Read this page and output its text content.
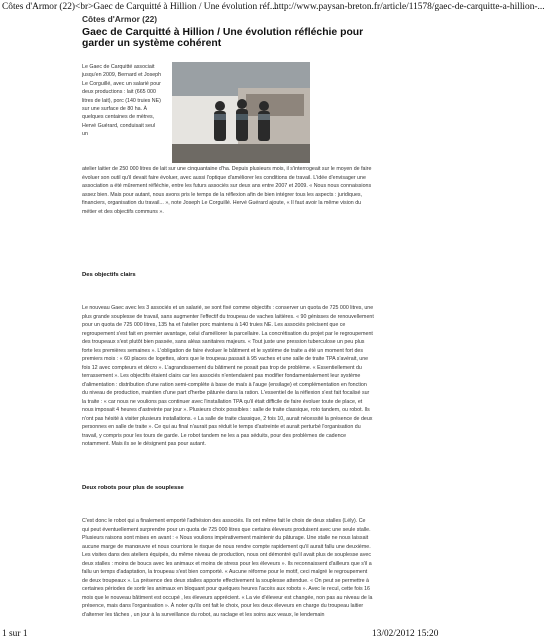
Côtes d'Armor (22)<br>Gaec de Carquitté à Hillion / Une évolution réf...
http://www.paysan-breton.fr/article/11578/gaec-de-carquitte-a-hillion-...
Côtes d'Armor (22)
Gaec de Carquitté à Hillion / Une évolution réfléchie pour garder un système cohérent
Le Gaec de Carquitté associait jusqu'en 2009, Bernard et Joseph Le Corguillé, avec un salarié pour deux productions : lait (665 000 litres de lait), porc (140 truies NE) sur une surface de 80 ha. À quelques centaines de mètres, Hervé Guérard, conduisait seul un

atelier laitier de 250 000 litres de lait sur une cinquantaine d'ha. Depuis plusieurs mois, il s'interrogeait sur le moyen de faire évoluer son outil qu'il devait faire évoluer, avec aussi l'optique d'améliorer les conditions de travail. L'idée d'envisager une association a été mûrement réfléchie, entre les futurs associés sur deux ans entre 2007 et 2009. « Nous nous connaissions assez bien. Mais pour autant, nous avons pris le temps de la réflexion afin de bien intégrer tous les aspects : juridiques, financiers, organisation du travail... », note Joseph Le Corguillé. Hervé Guérard ajoute, « Il faut avoir la même vision du métier et des objectifs communs ».

Des objectifs clairs

Le nouveau Gaec avec les 3 associés et un salarié, se sont fixé comme objectifs : conserver un quota de 725 000 litres, une plus grande souplesse de travail, sans augmenter l'effectif du troupeau de vaches laitières. « 90 génisses de renouvellement pour un quota de 725 000 litres, 135 ha et l'atelier porc maintenu à 140 truies NE. Les associés précisent que ce regroupement s'est fait en premier avantage, celui d'améliorer la parcellaire. La concrétisation du projet par le regroupement des troupeaux s'est plutôt bien passée, sans aléas sanitaires majeurs. « Tout juste une pression tuberculose un peu plus forte les premières semaines ». L'obligation de faire évoluer le bâtiment et le système de traite a été un moment fort des premiers mois : « 60 places de logettes, alors que le troupeau passait à 95 vaches et une salle de traite TPA s'avérait, une fois 12 avec compteurs et décro ». L'agrandissement du bâtiment ne posait pas trop de problème. « Essentiellement du terrassement ». Les objectifs étaient clairs car les associés n'entendaient pas modifier fondamentalement leur système d'alimentation : distribution d'une ration semi-complète à base de maïs à l'auge (ensilage) et complémentation en fonction du niveau de production, maintien d'une part d'herbe pâturée dans la ration. L'essentiel de la réflexion s'est fait focalisé sur la traite : « car nous ne voulions pas continuer avec l'installation TPA qu'il était difficile de faire évoluer toute de place, et nous imposait 4 heures d'astreinte par jour ». Plusieurs choix possibles : salle de traite classique, roto tandem, ou robot. Ils n'ont pas hésité à visiter plusieurs installations. « La salle de traite classique, 2 fois 10, aurait nécessité la présence de deux personnes en salle de traite ». Ce qui au final n'aurait pas réduit le temps d'astreinte et aurait perturbé l'organisation du travail, y compris pour les tours de garde. Le robot tandem ne les a pas séduits, pour des problèmes de cadence notamment. Mais ils se le désignent pas pour autant.

Deux robots pour plus de souplesse

C'est donc le robot qui a finalement emporté l'adhésion des associés. Ils ont même fait le choix de deux stalles (Lély). Ce qui peut éventuellement surprendre pour un quota de 725 000 litres que certains éleveurs produisent avec une seule stalle. Plusieurs raisons sont mises en avant : « Nous voulions impérativement maintenir du pâturage. Une stalle ne nous laissait aucune marge de manœuvre et nous courrions le risque de nous rendre compte rapidement qu'il aurait fallu une deuxième. Les visites dans des ateliers équipés, du même niveau de production, nous ont démontré qu'il avait plus de souplesse avec deux stalles : moins de boucs avec les animaux et moins de stress pour les éleveurs ». Ils reconnaissent d'ailleurs que s'il a fallu un temps d'adaptation, la troupeau s'est bien comporté. « Aucune réforme pour le motif, ceci malgré le regroupement de deux troupeaux ». La présence des deux stalles apporte effectivement la souplesse attendue. « On peut se permettre à certaines périodes de sortir les animaux en bloquant pour quelques heures l'accès aux robots ». Avec le recul, cette fois 16 mois que le nouveau bâtiment est occupé , les éleveurs apprécient. « La vie d'éleveur est changée, non pas au niveau de la présence, mais dans l'organisation ». À noter qu'ils ont fait le choix, pour les deux éleveurs en charge du troupeau laitier d'alterner les tâches , un jour à la surveillance du robot, au raclage et les soins aux veaux, le lendemain

1 sur 1	13/02/2012 15:20
